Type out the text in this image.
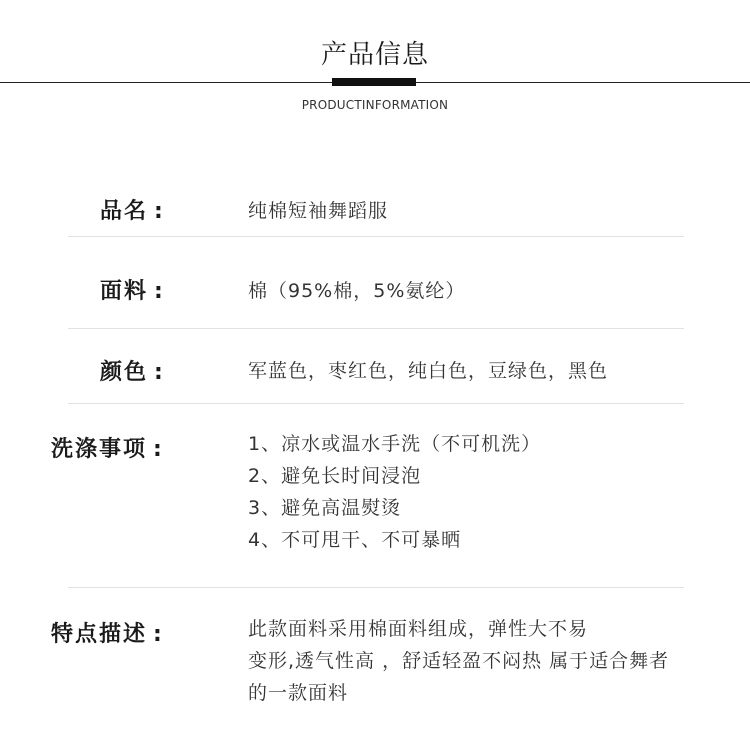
产品信息
PRODUCTINFORMATION
品名 :	纯棉短袖舞蹈服
面料 :	棉（95%棉，5%氨纶）
颜色 :	军蓝色，枣红色，纯白色，豆绿色，黑色
洗涤事项 :	1、凉水或温水手洗（不可机洗）
2、避免长时间浸泡
3、避免高温熨烫
4、不可甩干、不可暴晒
特点描述 :	此款面料采用棉面料组成，弹性大不易
变形,透气性高 ，舒适轻盈不闷热 属于适合舞者
的一款面料
